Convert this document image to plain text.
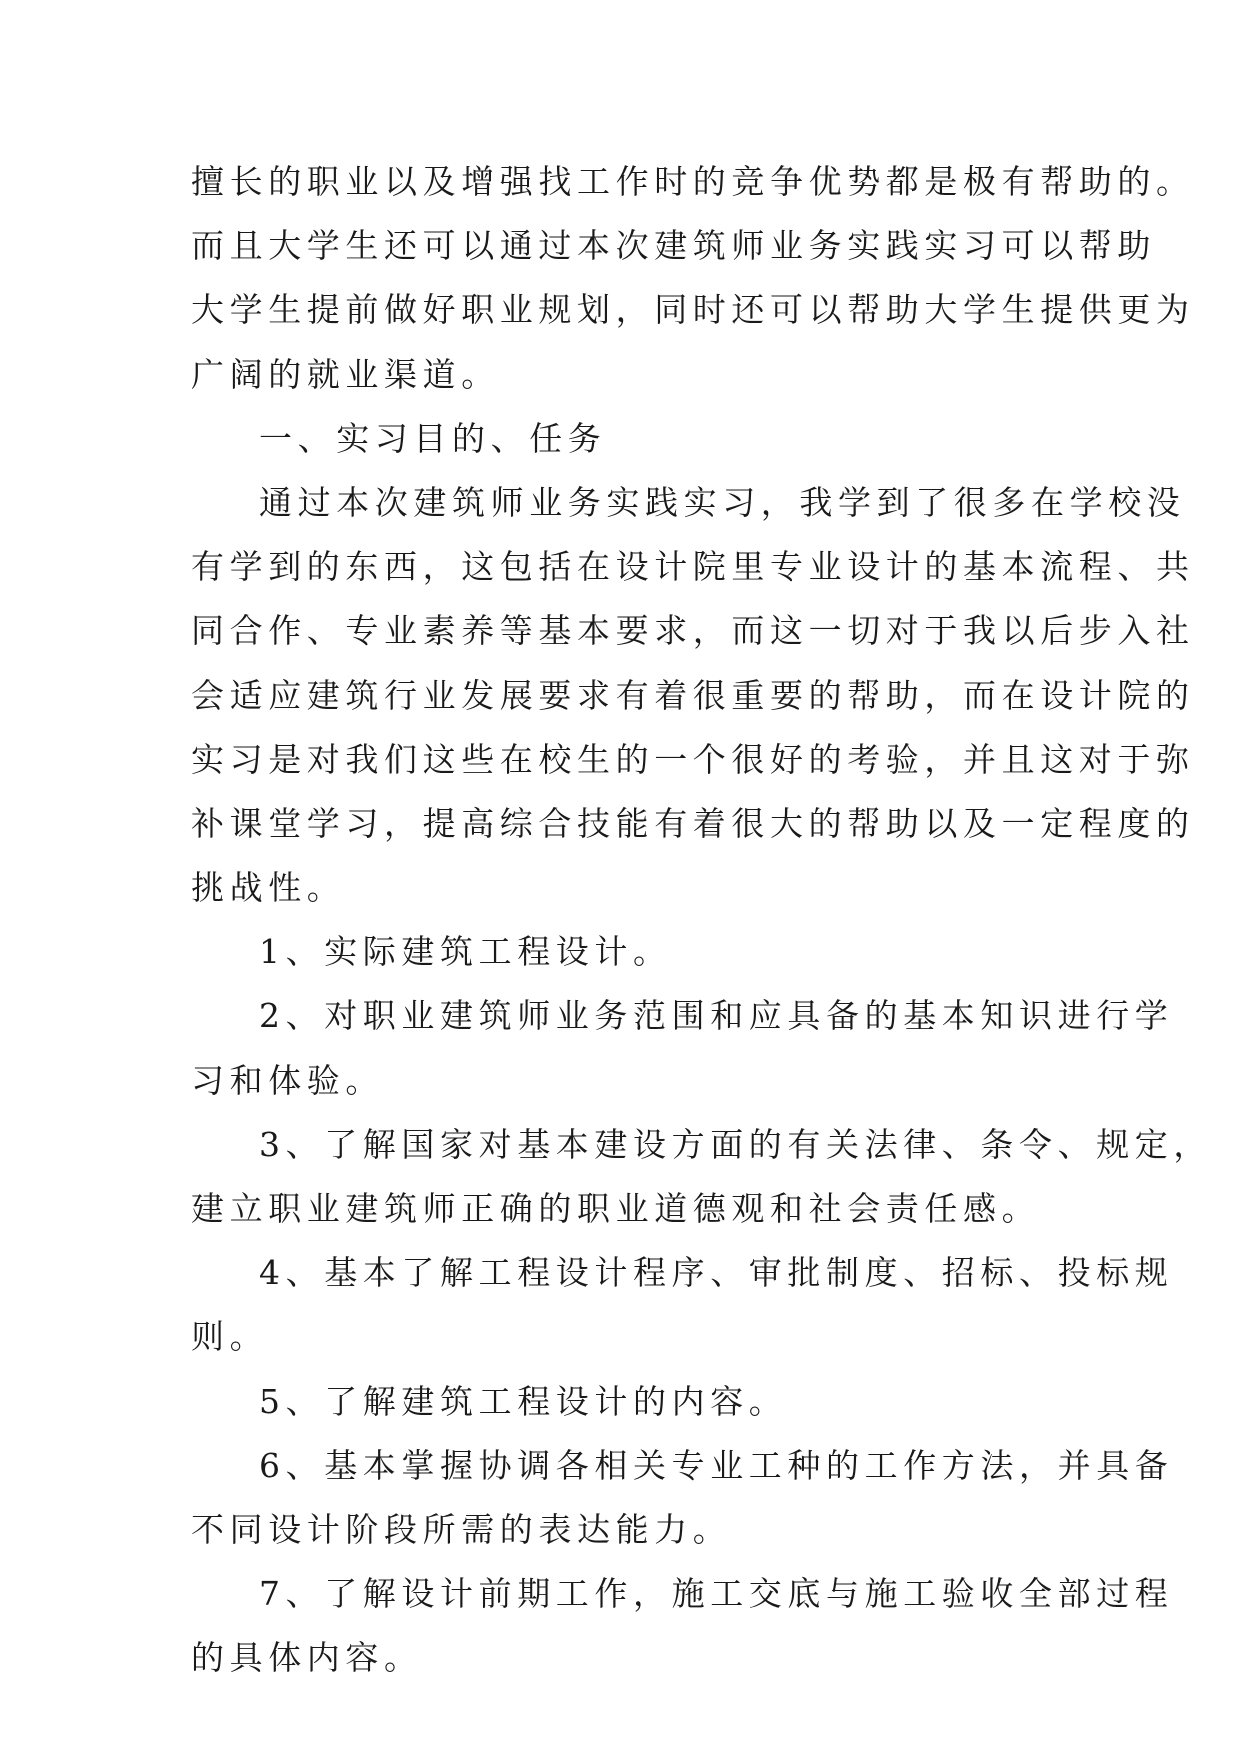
擅长的职业以及增强找工作时的竞争优势都是极有帮助的。
而且大学生还可以通过本次建筑师业务实践实习可以帮助
大学生提前做好职业规划，同时还可以帮助大学生提供更为
广阔的就业渠道。
一、实习目的、任务
通过本次建筑师业务实践实习，我学到了很多在学校没
有学到的东西，这包括在设计院里专业设计的基本流程、共
同合作、专业素养等基本要求，而这一切对于我以后步入社
会适应建筑行业发展要求有着很重要的帮助，而在设计院的
实习是对我们这些在校生的一个很好的考验，并且这对于弥
补课堂学习，提高综合技能有着很大的帮助以及一定程度的
挑战性。
1、实际建筑工程设计。
2、对职业建筑师业务范围和应具备的基本知识进行学
习和体验。
3、了解国家对基本建设方面的有关法律、条令、规定，
建立职业建筑师正确的职业道德观和社会责任感。
4、基本了解工程设计程序、审批制度、招标、投标规
则。
5、了解建筑工程设计的内容。
6、基本掌握协调各相关专业工种的工作方法，并具备
不同设计阶段所需的表达能力。
7、了解设计前期工作，施工交底与施工验收全部过程
的具体内容。
